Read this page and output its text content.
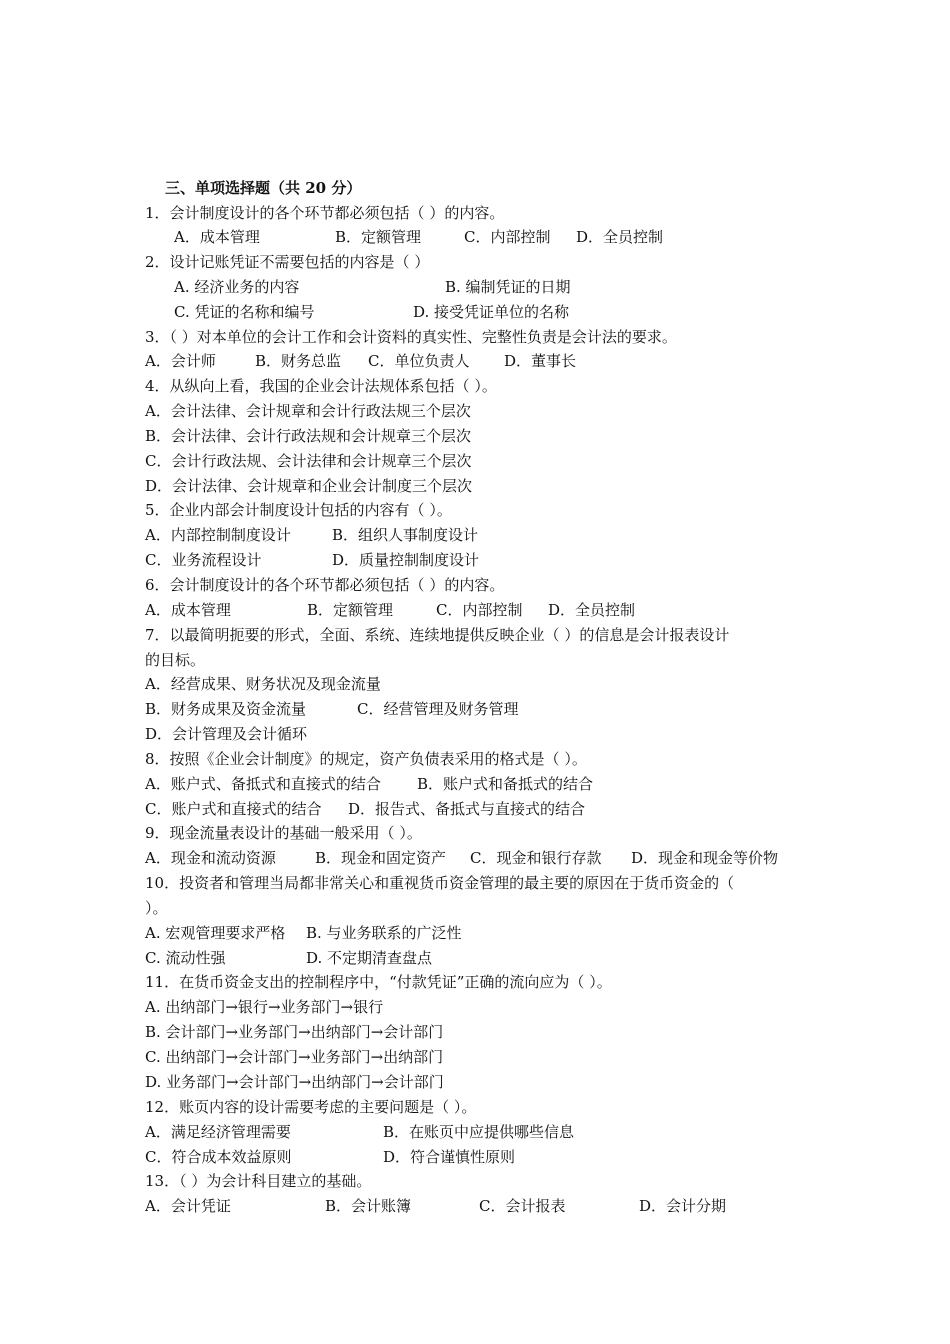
三、单项选择题（共 20 分）
1．会计制度设计的各个环节都必须包括（ ）的内容。
A．成本管理	B．定额管理	C．内部控制 D．全员控制
2．设计记账凭证不需要包括的内容是（ ）
A. 经济业务的内容	B. 编制凭证的日期
C. 凭证的名称和编号	D. 接受凭证单位的名称
3．（ ）对本单位的会计工作和会计资料的真实性、完整性负责是会计法的要求。
A．会计师	B．财务总监 C．单位负责人 D．董事长
4．从纵向上看，我国的企业会计法规体系包括（ ）。
A．会计法律、会计规章和会计行政法规三个层次
B．会计法律、会计行政法规和会计规章三个层次
C．会计行政法规、会计法律和会计规章三个层次
D．会计法律、会计规章和企业会计制度三个层次
5．企业内部会计制度设计包括的内容有（ ）。
A．内部控制制度设计	B．组织人事制度设计
C．业务流程设计	D．质量控制制度设计
6．会计制度设计的各个环节都必须包括（ ）的内容。
A．成本管理	B．定额管理	C．内部控制 D．全员控制
7．以最简明扼要的形式，全面、系统、连续地提供反映企业（ ）的信息是会计报表设计
的目标。
A．经营成果、财务状况及现金流量
B．财务成果及资金流量	C．经营管理及财务管理
D．会计管理及会计循环
8．按照《企业会计制度》的规定，资产负债表采用的格式是（ ）。
A．账户式、备抵式和直接式的结合 B．账户式和备抵式的结合
C．账户式和直接式的结合 D．报告式、备抵式与直接式的结合
9．现金流量表设计的基础一般采用（ ）。
A．现金和流动资源	B．现金和固定资产 C．现金和银行存款 D．现金和现金等价物
10．投资者和管理当局都非常关心和重视货币资金管理的最主要的原因在于货币资金的（
）。
A. 宏观管理要求严格 B. 与业务联系的广泛性
C. 流动性强	D. 不定期清查盘点
11．在货币资金支出的控制程序中，“付款凭证”正确的流向应为（ ）。
A. 出纳部门→银行→业务部门→银行
B. 会计部门→业务部门→出纳部门→会计部门
C. 出纳部门→会计部门→业务部门→出纳部门
D. 业务部门→会计部门→出纳部门→会计部门
12．账页内容的设计需要考虑的主要问题是（ ）。
A．满足经济管理需要	B．在账页中应提供哪些信息
C．符合成本效益原则	D．符合谨慎性原则
13．（ ）为会计科目建立的基础。
A．会计凭证	B．会计账簿	C．会计报表	D．会计分期
